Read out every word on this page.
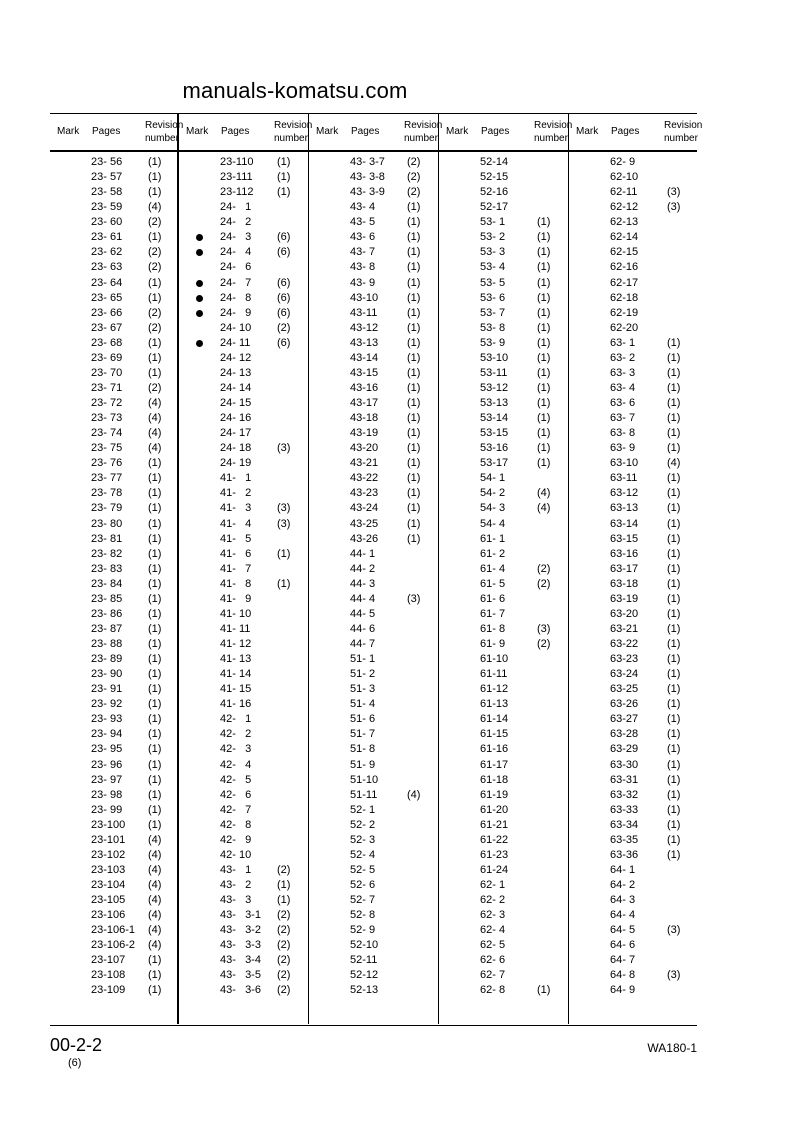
manuals-komatsu.com
Mark Pages
Revision
number
23- 56 (1)
23- 57 (1)
23- 58 (1)
23- 59 (4)
23- 60 (2)
23- 61 (1)
23- 62 (2)
23- 63 (2)
23- 64 (1)
23- 65 (1)
23- 66 (2)
23- 67 (2)
23- 68 (1)
23- 69 (1)
23- 70 (1)
23- 71 (2)
23- 72 (4)
23- 73 (4)
23- 74 (4)
23- 75 (4)
23- 76 (1)
23- 77 (1)
23- 78 (1)
23- 79 (1)
23- 80 (1)
23- 81 (1)
23- 82 (1)
23- 83 (1)
23- 84 (1)
23- 85 (1)
23- 86 (1)
23- 87 (1)
23- 88 (1)
23- 89 (1)
23- 90 (1)
23- 91 (1)
23- 92 (1)
23- 93 (1)
23- 94 (1)
23- 95 (1)
23- 96 (1)
23- 97 (1)
23- 98 (1)
23- 99 (1)
23-100 (1)
23-101 (4)
23-102 (4)
23-103 (4)
23-104 (4)
23-105 (4)
23-106 (4)
23-106-1 (4)
23-106-2 (4)
23-107 (1)
23-108 (1)
23-109 (1)
Mark Pages
Revision
number
23-110 (1)
23-111 (1)
23-112 (1)
24-   1
24-   2
24-   3 (6)
24-   4 (6)
24-   6
24-   7 (6)
24-   8 (6)
24-   9 (6)
24- 10 (2)
24- 11 (6)
24- 12
24- 13
24- 14
24- 15
24- 16
24- 17
24- 18 (3)
24- 19
41-   1
41-   2
41-   3 (3)
41-   4 (3)
41-   5
41-   6 (1)
41-   7
41-   8 (1)
41-   9
41- 10
41- 11
41- 12
41- 13
41- 14
41- 15
41- 16
42-   1
42-   2
42-   3
42-   4
42-   5
42-   6
42-   7
42-   8
42-   9
42- 10
43-   1 (2)
43-   2 (1)
43-   3 (1)
43-   3-1 (2)
43-   3-2 (2)
43-   3-3 (2)
43-   3-4 (2)
43-   3-5 (2)
43-   3-6 (2)
Mark Pages
Revision
number
43- 3-7 (2)
43- 3-8 (2)
43- 3-9 (2)
43- 4	(1)
43- 5	(1)
43- 6	(1)
43- 7	(1)
43- 8	(1)
43- 9	(1)
43-10	(1)
43-11	(1)
43-12	(1)
43-13	(1)
43-14	(1)
43-15	(1)
43-16	(1)
43-17	(1)
43-18	(1)
43-19	(1)
43-20	(1)
43-21	(1)
43-22	(1)
43-23	(1)
43-24	(1)
43-25	(1)
43-26	(1)
44- 1
44- 2
44- 3
44- 4	(3)
44- 5
44- 6
44- 7
51- 1
51- 2
51- 3
51- 4
51- 6
51- 7
51- 8
51- 9
51-10
51-11	(4)
52- 1
52- 2
52- 3
52- 4
52- 5
52- 6
52- 7
52- 8
52- 9
52-10
52-11
52-12
52-13
Mark Pages
Revision
number
52-14
52-15
52-16
52-17
53- 1	(1)
53- 2	(1)
53- 3	(1)
53- 4	(1)
53- 5	(1)
53- 6	(1)
53- 7	(1)
53- 8	(1)
53- 9	(1)
53-10	(1)
53-11	(1)
53-12	(1)
53-13	(1)
53-14	(1)
53-15	(1)
53-16	(1)
53-17	(1)
54- 1
54- 2	(4)
54- 3	(4)
54- 4
61- 1
61- 2
61- 4	(2)
61- 5	(2)
61- 6
61- 7
61- 8	(3)
61- 9	(2)
61-10
61-11
61-12
61-13
61-14
61-15
61-16
61-17
61-18
61-19
61-20
61-21
61-22
61-23
61-24
62- 1
62- 2
62- 3
62- 4
62- 5
62- 6
62- 7
62- 8	(1)
Mark Pages
Revision
number
62- 9
62-10
62-11	(3)
62-12	(3)
62-13
62-14
62-15
62-16
62-17
62-18
62-19
62-20
63- 1	(1)
63- 2	(1)
63- 3	(1)
63- 4	(1)
63- 6	(1)
63- 7	(1)
63- 8	(1)
63- 9	(1)
63-10	(4)
63-11	(1)
63-12	(1)
63-13	(1)
63-14	(1)
63-15	(1)
63-16	(1)
63-17	(1)
63-18	(1)
63-19	(1)
63-20	(1)
63-21	(1)
63-22	(1)
63-23	(1)
63-24	(1)
63-25	(1)
63-26	(1)
63-27	(1)
63-28	(1)
63-29	(1)
63-30	(1)
63-31	(1)
63-32	(1)
63-33	(1)
63-34	(1)
63-35	(1)
63-36	(1)
64- 1
64- 2
64- 3
64- 4
64- 5	(3)
64- 6
64- 7
64- 8	(3)
64- 9
00-2-2
(6)
WA180-1
